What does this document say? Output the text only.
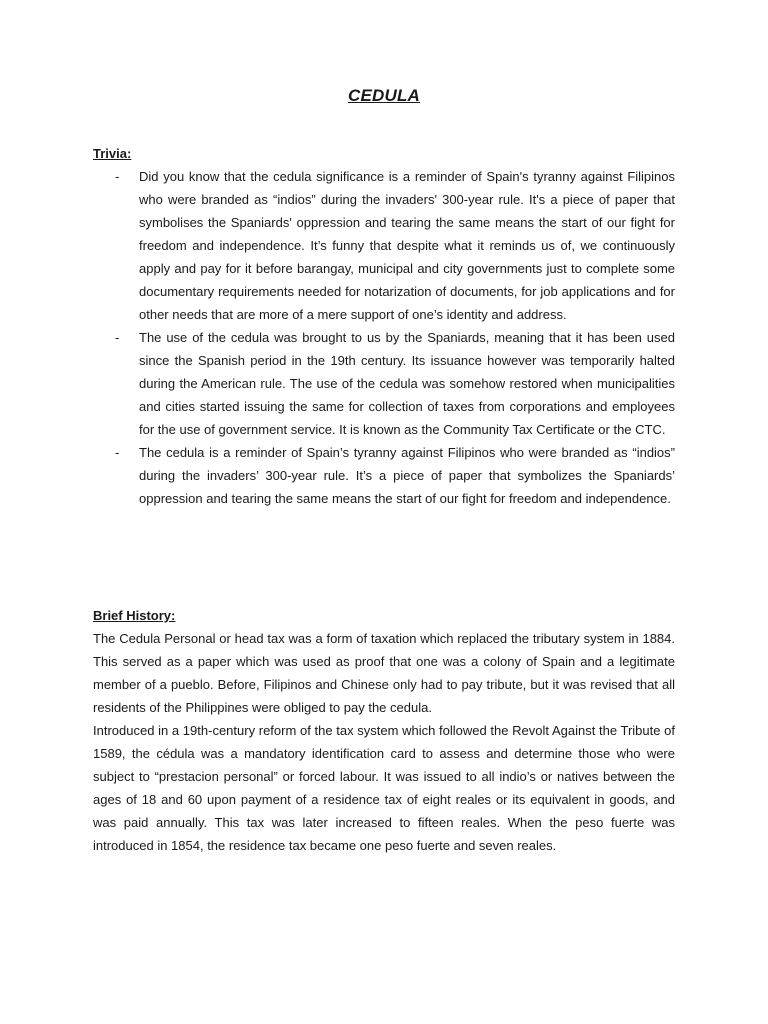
CEDULA
Trivia:
- Did you know that the cedula significance is a reminder of Spain's tyranny against Filipinos who were branded as “indios” during the invaders' 300-year rule. It's a piece of paper that symbolises the Spaniards' oppression and tearing the same means the start of our fight for freedom and independence. It’s funny that despite what it reminds us of, we continuously apply and pay for it before barangay, municipal and city governments just to complete some documentary requirements needed for notarization of documents, for job applications and for other needs that are more of a mere support of one’s identity and address.
- The use of the cedula was brought to us by the Spaniards, meaning that it has been used since the Spanish period in the 19th century. Its issuance however was temporarily halted during the American rule. The use of the cedula was somehow restored when municipalities and cities started issuing the same for collection of taxes from corporations and employees for the use of government service. It is known as the Community Tax Certificate or the CTC.
- The cedula is a reminder of Spain’s tyranny against Filipinos who were branded as “indios” during the invaders’ 300-year rule. It’s a piece of paper that symbolizes the Spaniards’ oppression and tearing the same means the start of our fight for freedom and independence.
Brief History:

The Cedula Personal or head tax was a form of taxation which replaced the tributary system in 1884. This served as a paper which was used as proof that one was a colony of Spain and a legitimate member of a pueblo. Before, Filipinos and Chinese only had to pay tribute, but it was revised that all residents of the Philippines were obliged to pay the cedula.

Introduced in a 19th-century reform of the tax system which followed the Revolt Against the Tribute of 1589, the cédula was a mandatory identification card to assess and determine those who were subject to “prestacion personal” or forced labour. It was issued to all indio’s or natives between the ages of 18 and 60 upon payment of a residence tax of eight reales or its equivalent in goods, and was paid annually. This tax was later increased to fifteen reales. When the peso fuerte was introduced in 1854, the residence tax became one peso fuerte and seven reales.
